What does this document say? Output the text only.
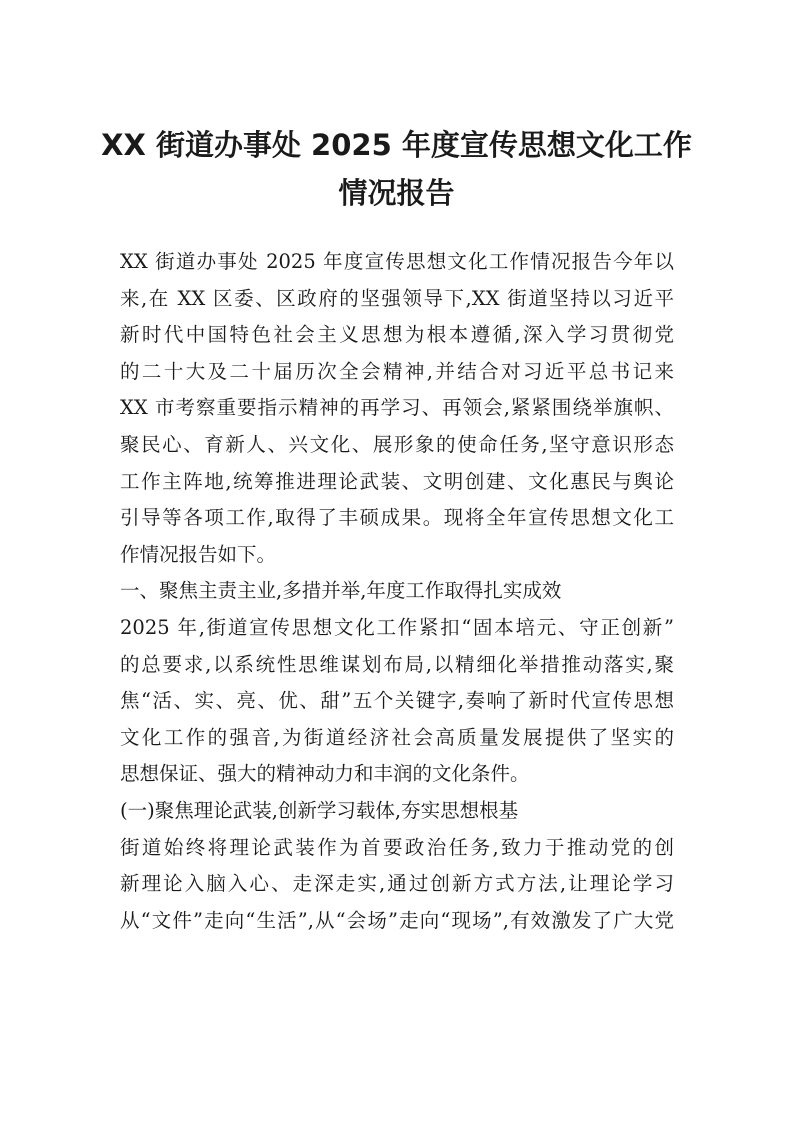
XX 街道办事处 2025 年度宣传思想文化工作
情况报告
XX 街道办事处 2025 年度宣传思想文化工作情况报告今年以
来,在 XX 区委、区政府的坚强领导下,XX 街道坚持以习近平
新时代中国特色社会主义思想为根本遵循,深入学习贯彻党
的二十大及二十届历次全会精神,并结合对习近平总书记来
XX 市考察重要指示精神的再学习、再领会,紧紧围绕举旗帜、
聚民心、育新人、兴文化、展形象的使命任务,坚守意识形态
工作主阵地,统筹推进理论武装、文明创建、文化惠民与舆论
引导等各项工作,取得了丰硕成果。现将全年宣传思想文化工
作情况报告如下。
一、聚焦主责主业,多措并举,年度工作取得扎实成效
2025 年,街道宣传思想文化工作紧扣“固本培元、守正创新”
的总要求,以系统性思维谋划布局,以精细化举措推动落实,聚
焦“活、实、亮、优、甜”五个关键字,奏响了新时代宣传思想
文化工作的强音,为街道经济社会高质量发展提供了坚实的
思想保证、强大的精神动力和丰润的文化条件。
(一)聚焦理论武装,创新学习载体,夯实思想根基
街道始终将理论武装作为首要政治任务,致力于推动党的创
新理论入脑入心、走深走实,通过创新方式方法,让理论学习
从“文件”走向“生活”,从“会场”走向“现场”,有效激发了广大党
